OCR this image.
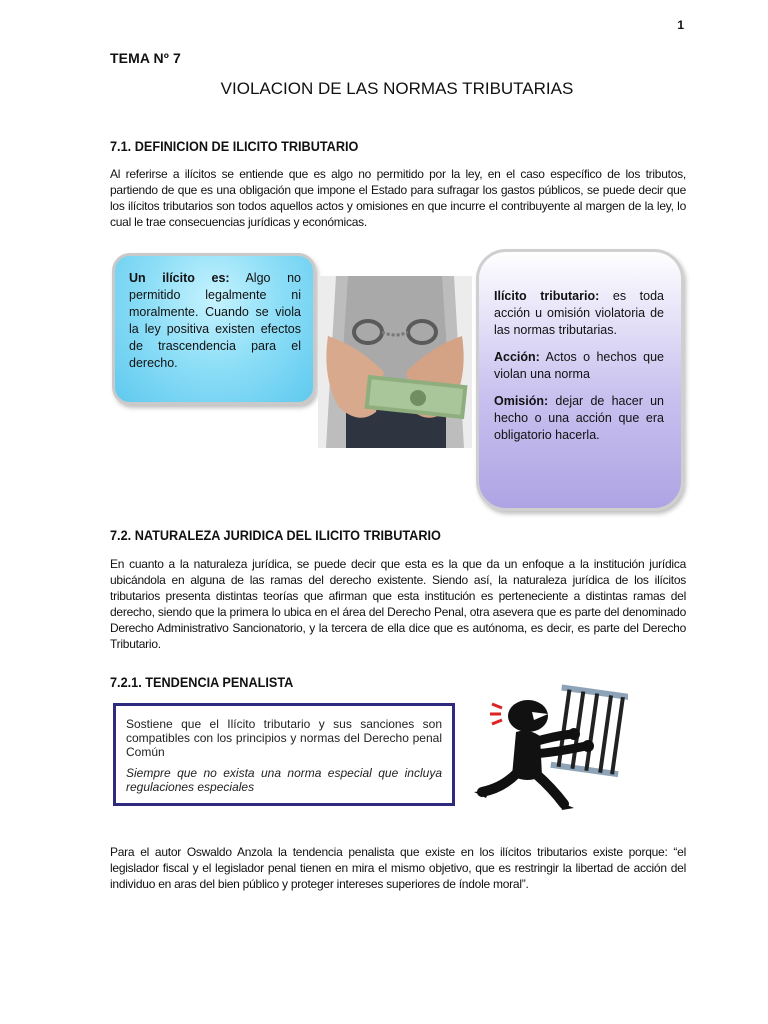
1
TEMA Nº 7
VIOLACION DE LAS NORMAS TRIBUTARIAS
7.1. DEFINICION DE ILICITO TRIBUTARIO
Al referirse a ilícitos se entiende que es algo no permitido por la ley, en el caso específico de los tributos, partiendo de que es una obligación que impone el Estado para sufragar los gastos públicos, se puede decir que los ilícitos tributarios son todos aquellos actos y omisiones en que incurre el contribuyente al margen de la ley, lo cual le trae consecuencias jurídicas y económicas.
Un ilícito es: Algo no permitido legalmente ni moralmente. Cuando se viola la ley positiva existen efectos de trascendencia para el derecho.

Ilícito tributario: es toda acción u omisión violatoria de las normas tributarias.

Acción: Actos o hechos que violan una norma

Omisión: dejar de hacer un hecho o una acción que era obligatorio hacerla.

7.2. NATURALEZA JURIDICA DEL ILICITO TRIBUTARIO
En cuanto a la naturaleza jurídica, se puede decir que esta es la que da un enfoque a la institución jurídica ubicándola en alguna de las ramas del derecho existente. Siendo así, la naturaleza jurídica de los ilícitos tributarios presenta distintas teorías que afirman que esta institución es perteneciente a distintas ramas del derecho, siendo que la primera lo ubica en el área del Derecho Penal, otra asevera que es parte del denominado Derecho Administrativo Sancionatorio, y la tercera de ella dice que es autónoma, es decir, es parte del Derecho Tributario.
7.2.1. TENDENCIA PENALISTA
Sostiene que el Ilícito tributario y sus sanciones son compatibles con los principios y normas del Derecho penal Común
Siempre que no exista una norma especial que incluya regulaciones especiales
Para el autor Oswaldo Anzola la tendencia penalista que existe en los ilícitos tributarios existe porque: “el legislador fiscal y el legislador penal tienen en mira el mismo objetivo, que es restringir la libertad de acción del individuo en aras del bien público y proteger intereses superiores de índole moral”.
